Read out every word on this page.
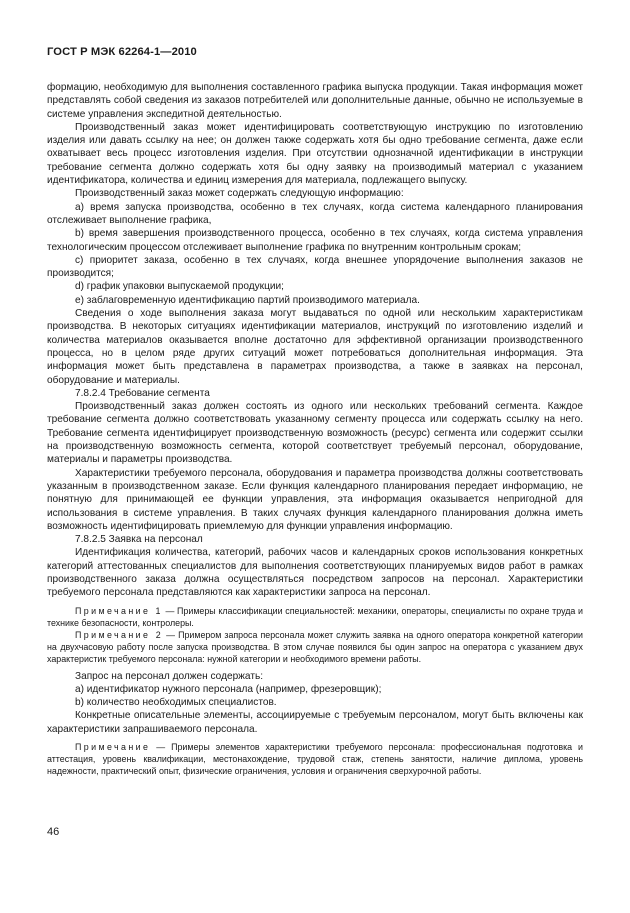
ГОСТ Р МЭК 62264-1—2010

формацию, необходимую для выполнения составленного графика выпуска продукции. Такая информация может представлять собой сведения из заказов потребителей или дополнительные данные, обычно не используемые в системе управления экспедитной деятельностью.

Производственный заказ может идентифицировать соответствующую инструкцию по изготовлению изделия или давать ссылку на нее; он должен также содержать хотя бы одно требование сегмента, даже если охватывает весь процесс изготовления изделия. При отсутствии однозначной идентификации в инструкции требование сегмента должно содержать хотя бы одну заявку на производимый материал с указанием идентификатора, количества и единиц измерения для материала, подлежащего выпуску.

Производственный заказ может содержать следующую информацию:

a) время запуска производства, особенно в тех случаях, когда система календарного планирования отслеживает выполнение графика,

b) время завершения производственного процесса, особенно в тех случаях, когда система управления технологическим процессом отслеживает выполнение графика по внутренним контрольным срокам;

c) приоритет заказа, особенно в тех случаях, когда внешнее упорядочение выполнения заказов не производится;

d) график упаковки выпускаемой продукции;

e) заблаговременную идентификацию партий производимого материала.

Сведения о ходе выполнения заказа могут выдаваться по одной или нескольким характеристикам производства. В некоторых ситуациях идентификации материалов, инструкций по изготовлению изделий и количества материалов оказывается вполне достаточно для эффективной организации производственного процесса, но в целом ряде других ситуаций может потребоваться дополнительная информация. Эта информация может быть представлена в параметрах производства, а также в заявках на персонал, оборудование и материалы.

7.8.2.4 Требование сегмента

Производственный заказ должен состоять из одного или нескольких требований сегмента. Каждое требование сегмента должно соответствовать указанному сегменту процесса или содержать ссылку на него. Требование сегмента идентифицирует производственную возможность (ресурс) сегмента или содержит ссылки на производственную возможность сегмента, которой соответствует требуемый персонал, оборудование, материалы и параметры производства.

Характеристики требуемого персонала, оборудования и параметра производства должны соответствовать указанным в производственном заказе. Если функция календарного планирования передает информацию, не понятную для принимающей ее функции управления, эта информация оказывается непригодной для использования в системе управления. В таких случаях функция календарного планирования должна иметь возможность идентифицировать приемлемую для функции управления информацию.

7.8.2.5 Заявка на персонал

Идентификация количества, категорий, рабочих часов и календарных сроков использования конкретных категорий аттестованных специалистов для выполнения соответствующих планируемых видов работ в рамках производственного заказа должна осуществляться посредством запросов на персонал. Характеристики требуемого персонала представляются как характеристики запроса на персонал.

Примечание 1 — Примеры классификации специальностей: механики, операторы, специалисты по охране труда и технике безопасности, контролеры.

Примечание 2 — Примером запроса персонала может служить заявка на одного оператора конкретной категории на двухчасовую работу после запуска производства. В этом случае появился бы один запрос на оператора с указанием двух характеристик требуемого персонала: нужной категории и необходимого времени работы.

Запрос на персонал должен содержать:

a) идентификатор нужного персонала (например, фрезеровщик);

b) количество необходимых специалистов.

Конкретные описательные элементы, ассоциируемые с требуемым персоналом, могут быть включены как характеристики запрашиваемого персонала.

Примечание — Примеры элементов характеристики требуемого персонала: профессиональная подготовка и аттестация, уровень квалификации, местонахождение, трудовой стаж, степень занятости, наличие диплома, уровень надежности, практический опыт, физические ограничения, условия и ограничения сверхурочной работы.

46
